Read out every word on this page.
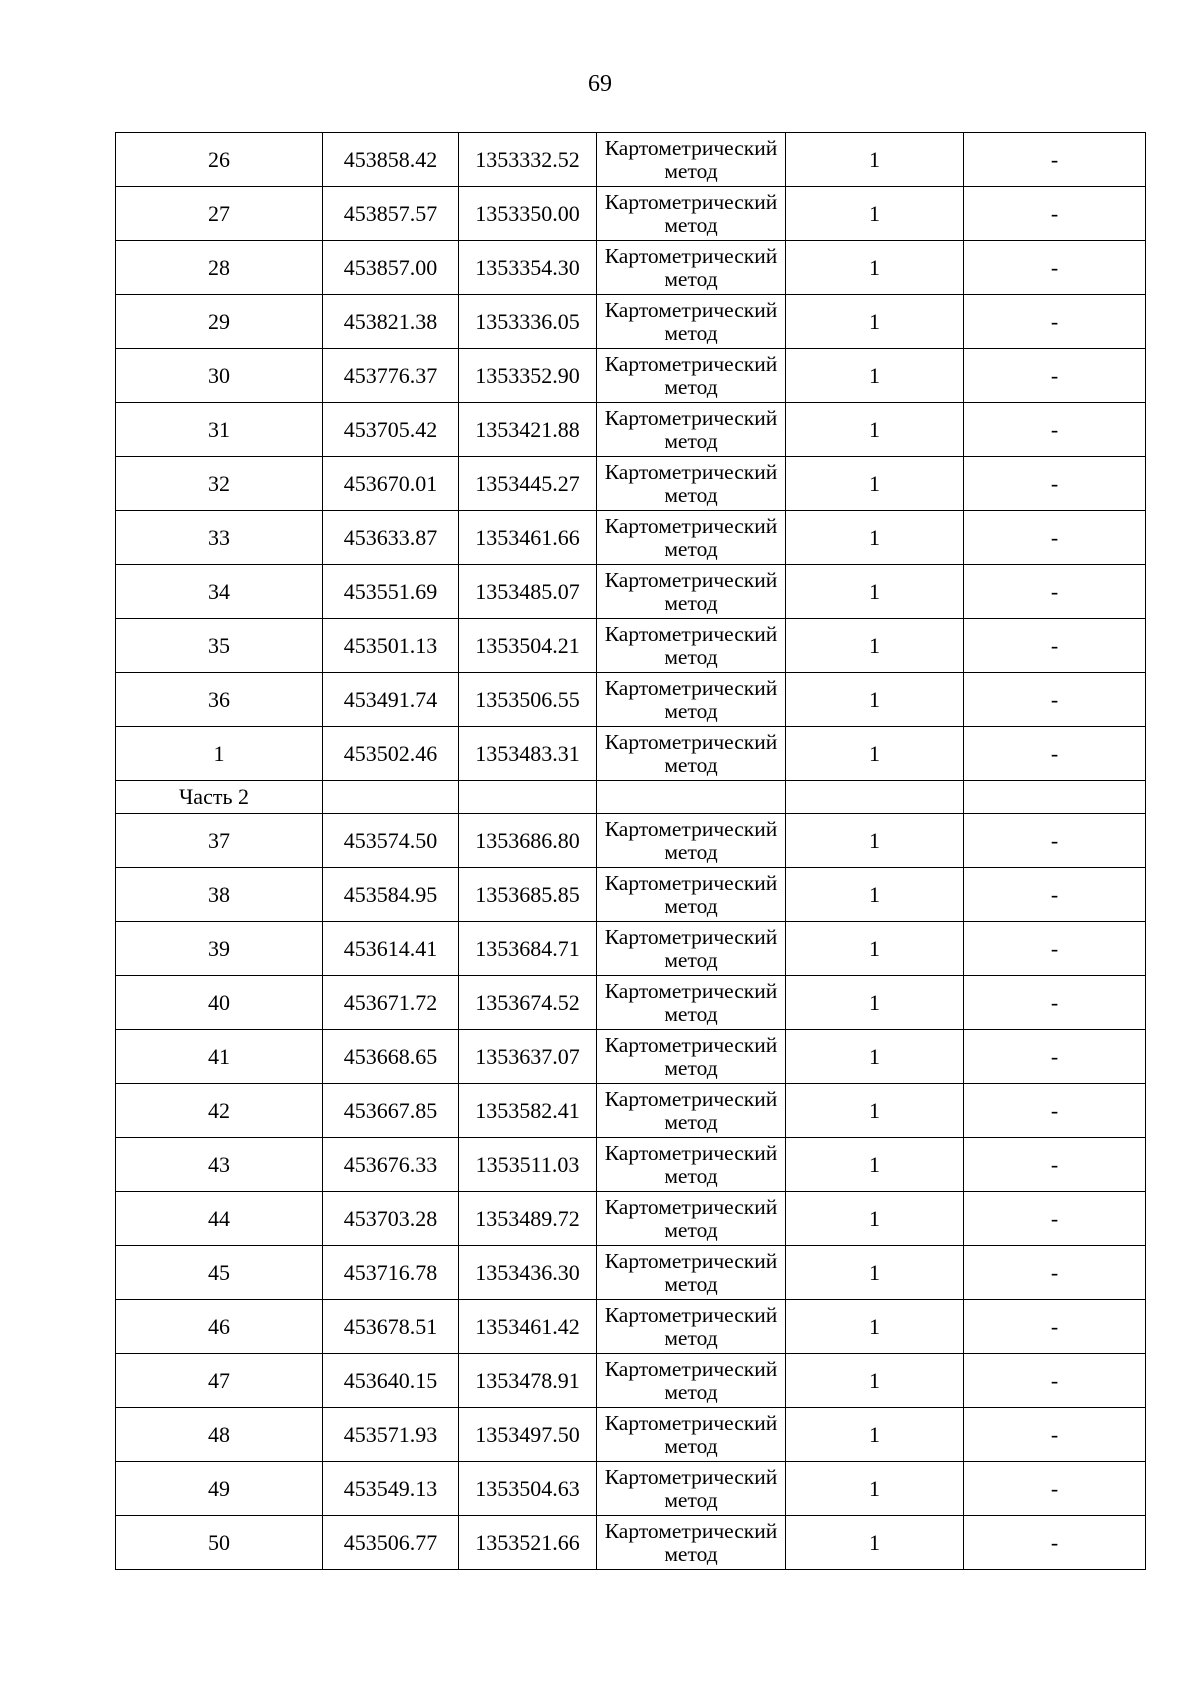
69
26	453858.42	1353332.52	Картометрический метод	1	-
27	453857.57	1353350.00	Картометрический метод	1	-
28	453857.00	1353354.30	Картометрический метод	1	-
29	453821.38	1353336.05	Картометрический метод	1	-
30	453776.37	1353352.90	Картометрический метод	1	-
31	453705.42	1353421.88	Картометрический метод	1	-
32	453670.01	1353445.27	Картометрический метод	1	-
33	453633.87	1353461.66	Картометрический метод	1	-
34	453551.69	1353485.07	Картометрический метод	1	-
35	453501.13	1353504.21	Картометрический метод	1	-
36	453491.74	1353506.55	Картометрический метод	1	-
1	453502.46	1353483.31	Картометрический метод	1	-
Часть 2					
37	453574.50	1353686.80	Картометрический метод	1	-
38	453584.95	1353685.85	Картометрический метод	1	-
39	453614.41	1353684.71	Картометрический метод	1	-
40	453671.72	1353674.52	Картометрический метод	1	-
41	453668.65	1353637.07	Картометрический метод	1	-
42	453667.85	1353582.41	Картометрический метод	1	-
43	453676.33	1353511.03	Картометрический метод	1	-
44	453703.28	1353489.72	Картометрический метод	1	-
45	453716.78	1353436.30	Картометрический метод	1	-
46	453678.51	1353461.42	Картометрический метод	1	-
47	453640.15	1353478.91	Картометрический метод	1	-
48	453571.93	1353497.50	Картометрический метод	1	-
49	453549.13	1353504.63	Картометрический метод	1	-
50	453506.77	1353521.66	Картометрический метод	1	-
